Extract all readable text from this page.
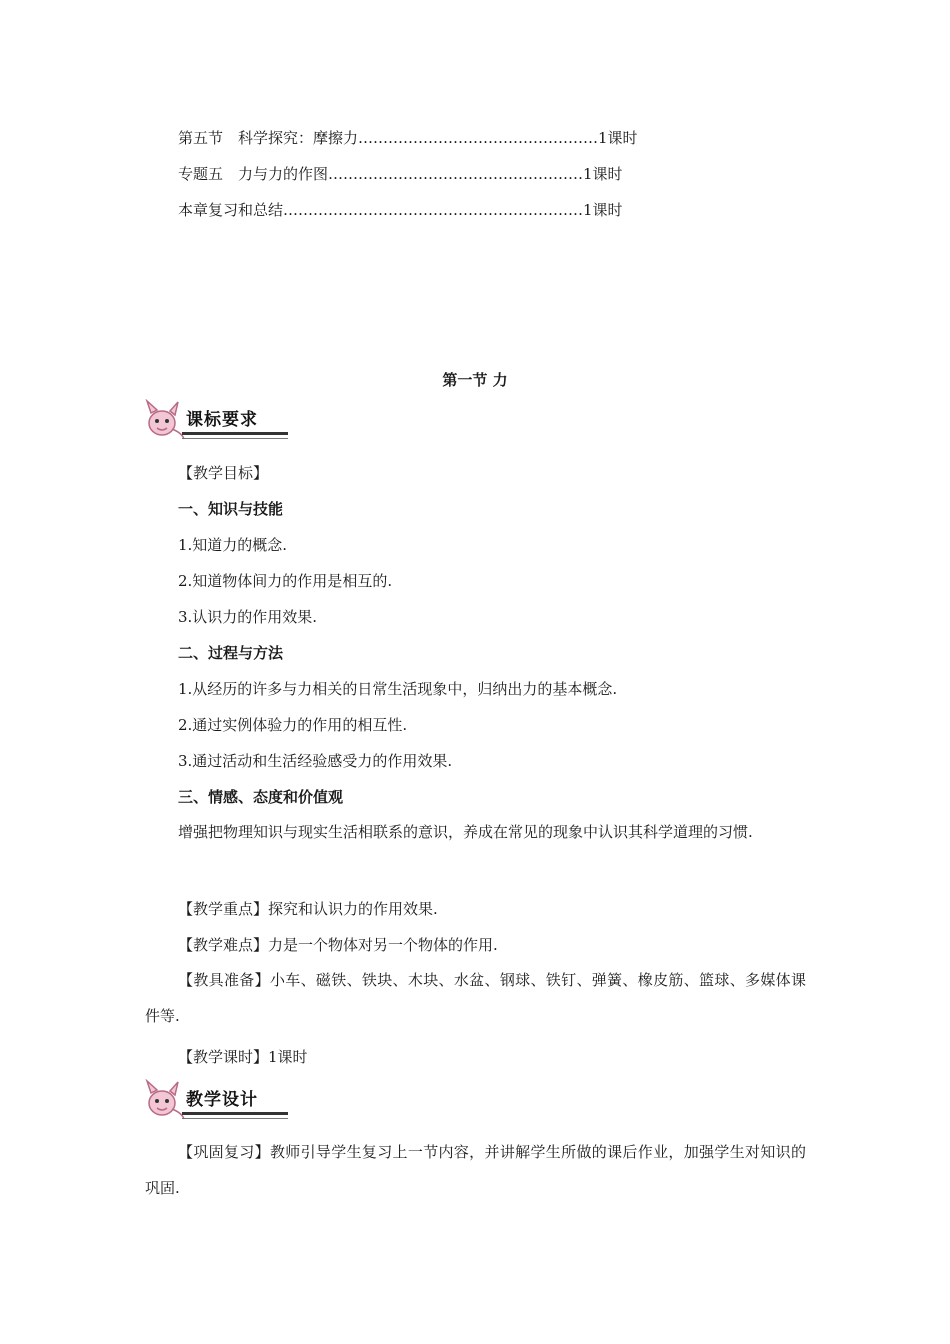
第五节　科学探究：摩擦力…………………………………………1课时
专题五　力与力的作图……………………………………………1课时
本章复习和总结……………………………………………………1课时
第一节 力
课标要求
【教学目标】
一、知识与技能
1.知道力的概念.
2.知道物体间力的作用是相互的.
3.认识力的作用效果.
二、过程与方法
1.从经历的许多与力相关的日常生活现象中，归纳出力的基本概念.
2.通过实例体验力的作用的相互性.
3.通过活动和生活经验感受力的作用效果.
三、情感、态度和价值观
增强把物理知识与现实生活相联系的意识，养成在常见的现象中认识其科学道理的习惯.
【教学重点】探究和认识力的作用效果.
【教学难点】力是一个物体对另一个物体的作用.
【教具准备】小车、磁铁、铁块、木块、水盆、钢球、铁钉、弹簧、橡皮筋、篮球、多媒体课件等.
【教学课时】1课时
教学设计
【巩固复习】教师引导学生复习上一节内容，并讲解学生所做的课后作业，加强学生对知识的巩固.
